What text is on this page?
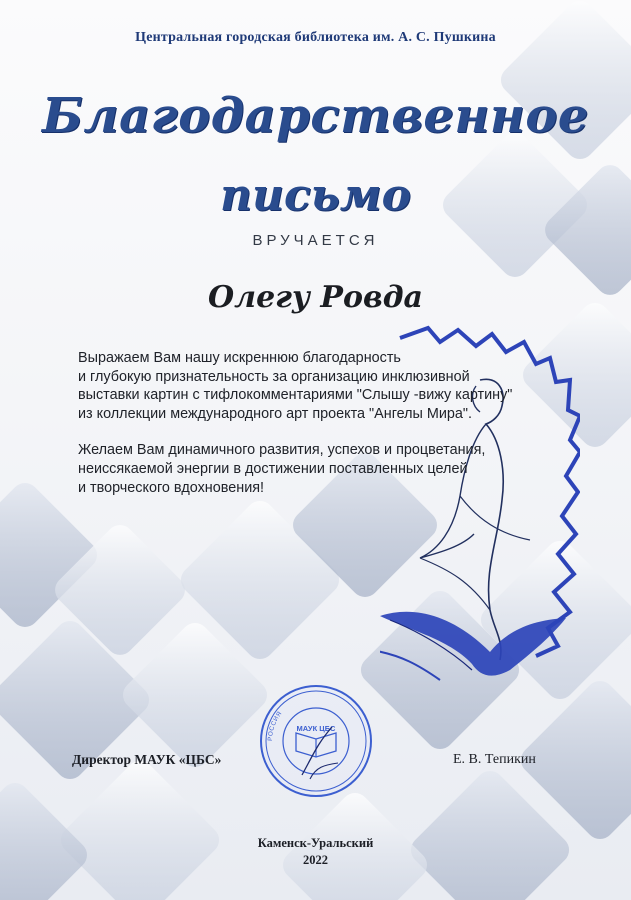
Центральная городская библиотека им. А. С. Пушкина
Благодарственное
письмо
ВРУЧАЕТСЯ
Олегу Ровда
Выражаем Вам нашу искреннюю благодарность
и глубокую признательность за организацию инклюзивной
выставки картин с тифлокомментариями "Слышу -вижу картину"
из коллекции международного арт проекта "Ангелы Мира".
Желаем Вам динамичного развития, успехов и процветания,
неиссякаемой энергии в достижении поставленных целей
и творческого вдохновения!
РОССИЯ
МАУК ЦБС
Директор МАУК «ЦБС»	Е. В. Тепикин
Каменск-Уральский
2022
